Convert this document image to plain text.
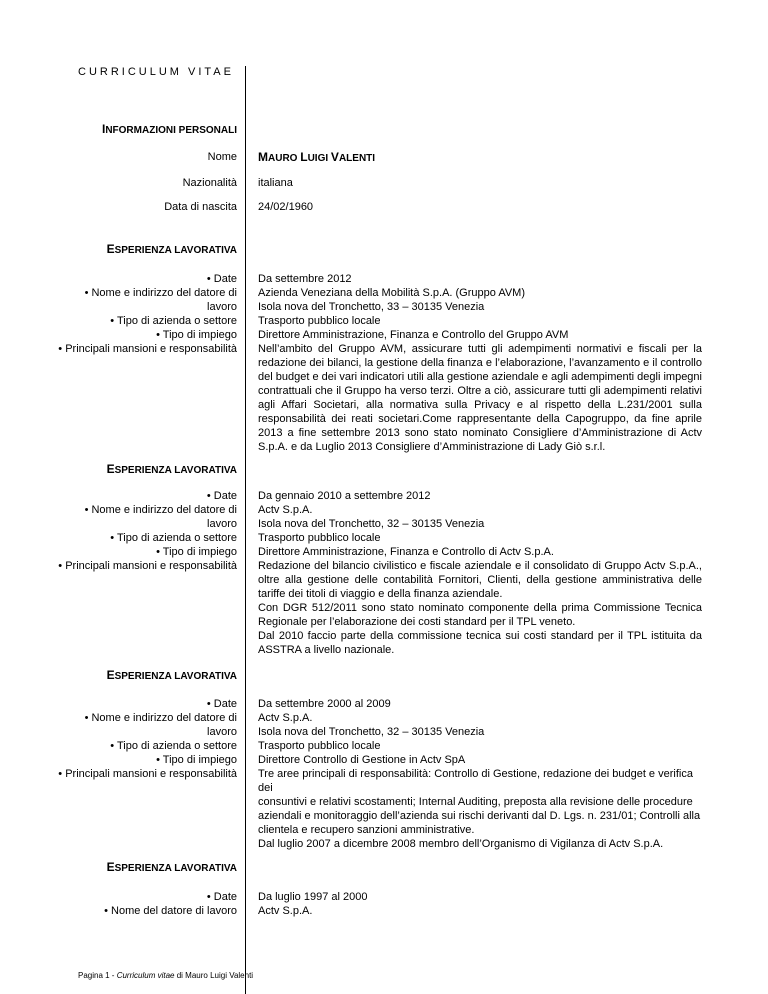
CURRICULUM VITAE
INFORMAZIONI PERSONALI
Nome MAURO LUIGI VALENTI
Nazionalità italiana
Data di nascita 24/02/1960
ESPERIENZA LAVORATIVA
• Date
• Nome e indirizzo del datore di
lavoro
• Tipo di azienda o settore
• Tipo di impiego
• Principali mansioni e responsabilità
Da settembre 2012
Azienda Veneziana della Mobilità S.p.A. (Gruppo AVM)
Isola nova del Tronchetto, 33 – 30135 Venezia
Trasporto pubblico locale
Direttore Amministrazione, Finanza e Controllo del Gruppo AVM
Nell’ambito del Gruppo AVM, assicurare tutti gli adempimenti normativi e fiscali per la redazione dei bilanci, la gestione della finanza e l’elaborazione, l’avanzamento e il controllo del budget e dei vari indicatori utili alla gestione aziendale e agli adempimenti degli impegni contrattuali che il Gruppo ha verso terzi. Oltre a ciò, assicurare tutti gli adempimenti relativi agli Affari Societari, alla normativa sulla Privacy e al rispetto della L.231/2001 sulla responsabilità dei reati societari.Come rappresentante della Capogruppo, da fine aprile 2013 a fine settembre 2013 sono stato nominato Consigliere d’Amministrazione di Actv S.p.A. e da Luglio 2013 Consigliere d’Amministrazione di Lady Giò s.r.l.
ESPERIENZA LAVORATIVA
• Date
• Nome e indirizzo del datore di
lavoro
• Tipo di azienda o settore
• Tipo di impiego
• Principali mansioni e responsabilità
Da gennaio 2010 a settembre 2012
Actv S.p.A.
Isola nova del Tronchetto, 32 – 30135 Venezia
Trasporto pubblico locale
Direttore Amministrazione, Finanza e Controllo di Actv S.p.A.
Redazione del bilancio civilistico e fiscale aziendale e il consolidato di Gruppo Actv S.p.A., oltre alla gestione delle contabilità Fornitori, Clienti, della gestione amministrativa delle tariffe dei titoli di viaggio e della finanza aziendale.
Con DGR 512/2011 sono stato nominato componente della prima Commissione Tecnica Regionale per l’elaborazione dei costi standard per il TPL veneto.
Dal 2010 faccio parte della commissione tecnica sui costi standard per il TPL istituita da ASSTRA a livello nazionale.
ESPERIENZA LAVORATIVA
• Date
• Nome e indirizzo del datore di
lavoro
• Tipo di azienda o settore
• Tipo di impiego
• Principali mansioni e responsabilità
Da settembre 2000 al 2009
Actv S.p.A.
Isola nova del Tronchetto, 32 – 30135 Venezia
Trasporto pubblico locale
Direttore Controllo di Gestione in Actv SpA
Tre aree principali di responsabilità: Controllo di Gestione, redazione dei budget e verifica dei
consuntivi e relativi scostamenti; Internal Auditing, preposta alla revisione delle procedure
aziendali e monitoraggio dell’azienda sui rischi derivanti dal D. Lgs. n. 231/01; Controlli alla
clientela e recupero sanzioni amministrative.
Dal luglio 2007 a dicembre 2008 membro dell’Organismo di Vigilanza di Actv S.p.A.
ESPERIENZA LAVORATIVA
• Date
• Nome del datore di lavoro
Da luglio 1997 al 2000
Actv S.p.A.
Pagina 1 - Curriculum vitae di Mauro Luigi Valenti
